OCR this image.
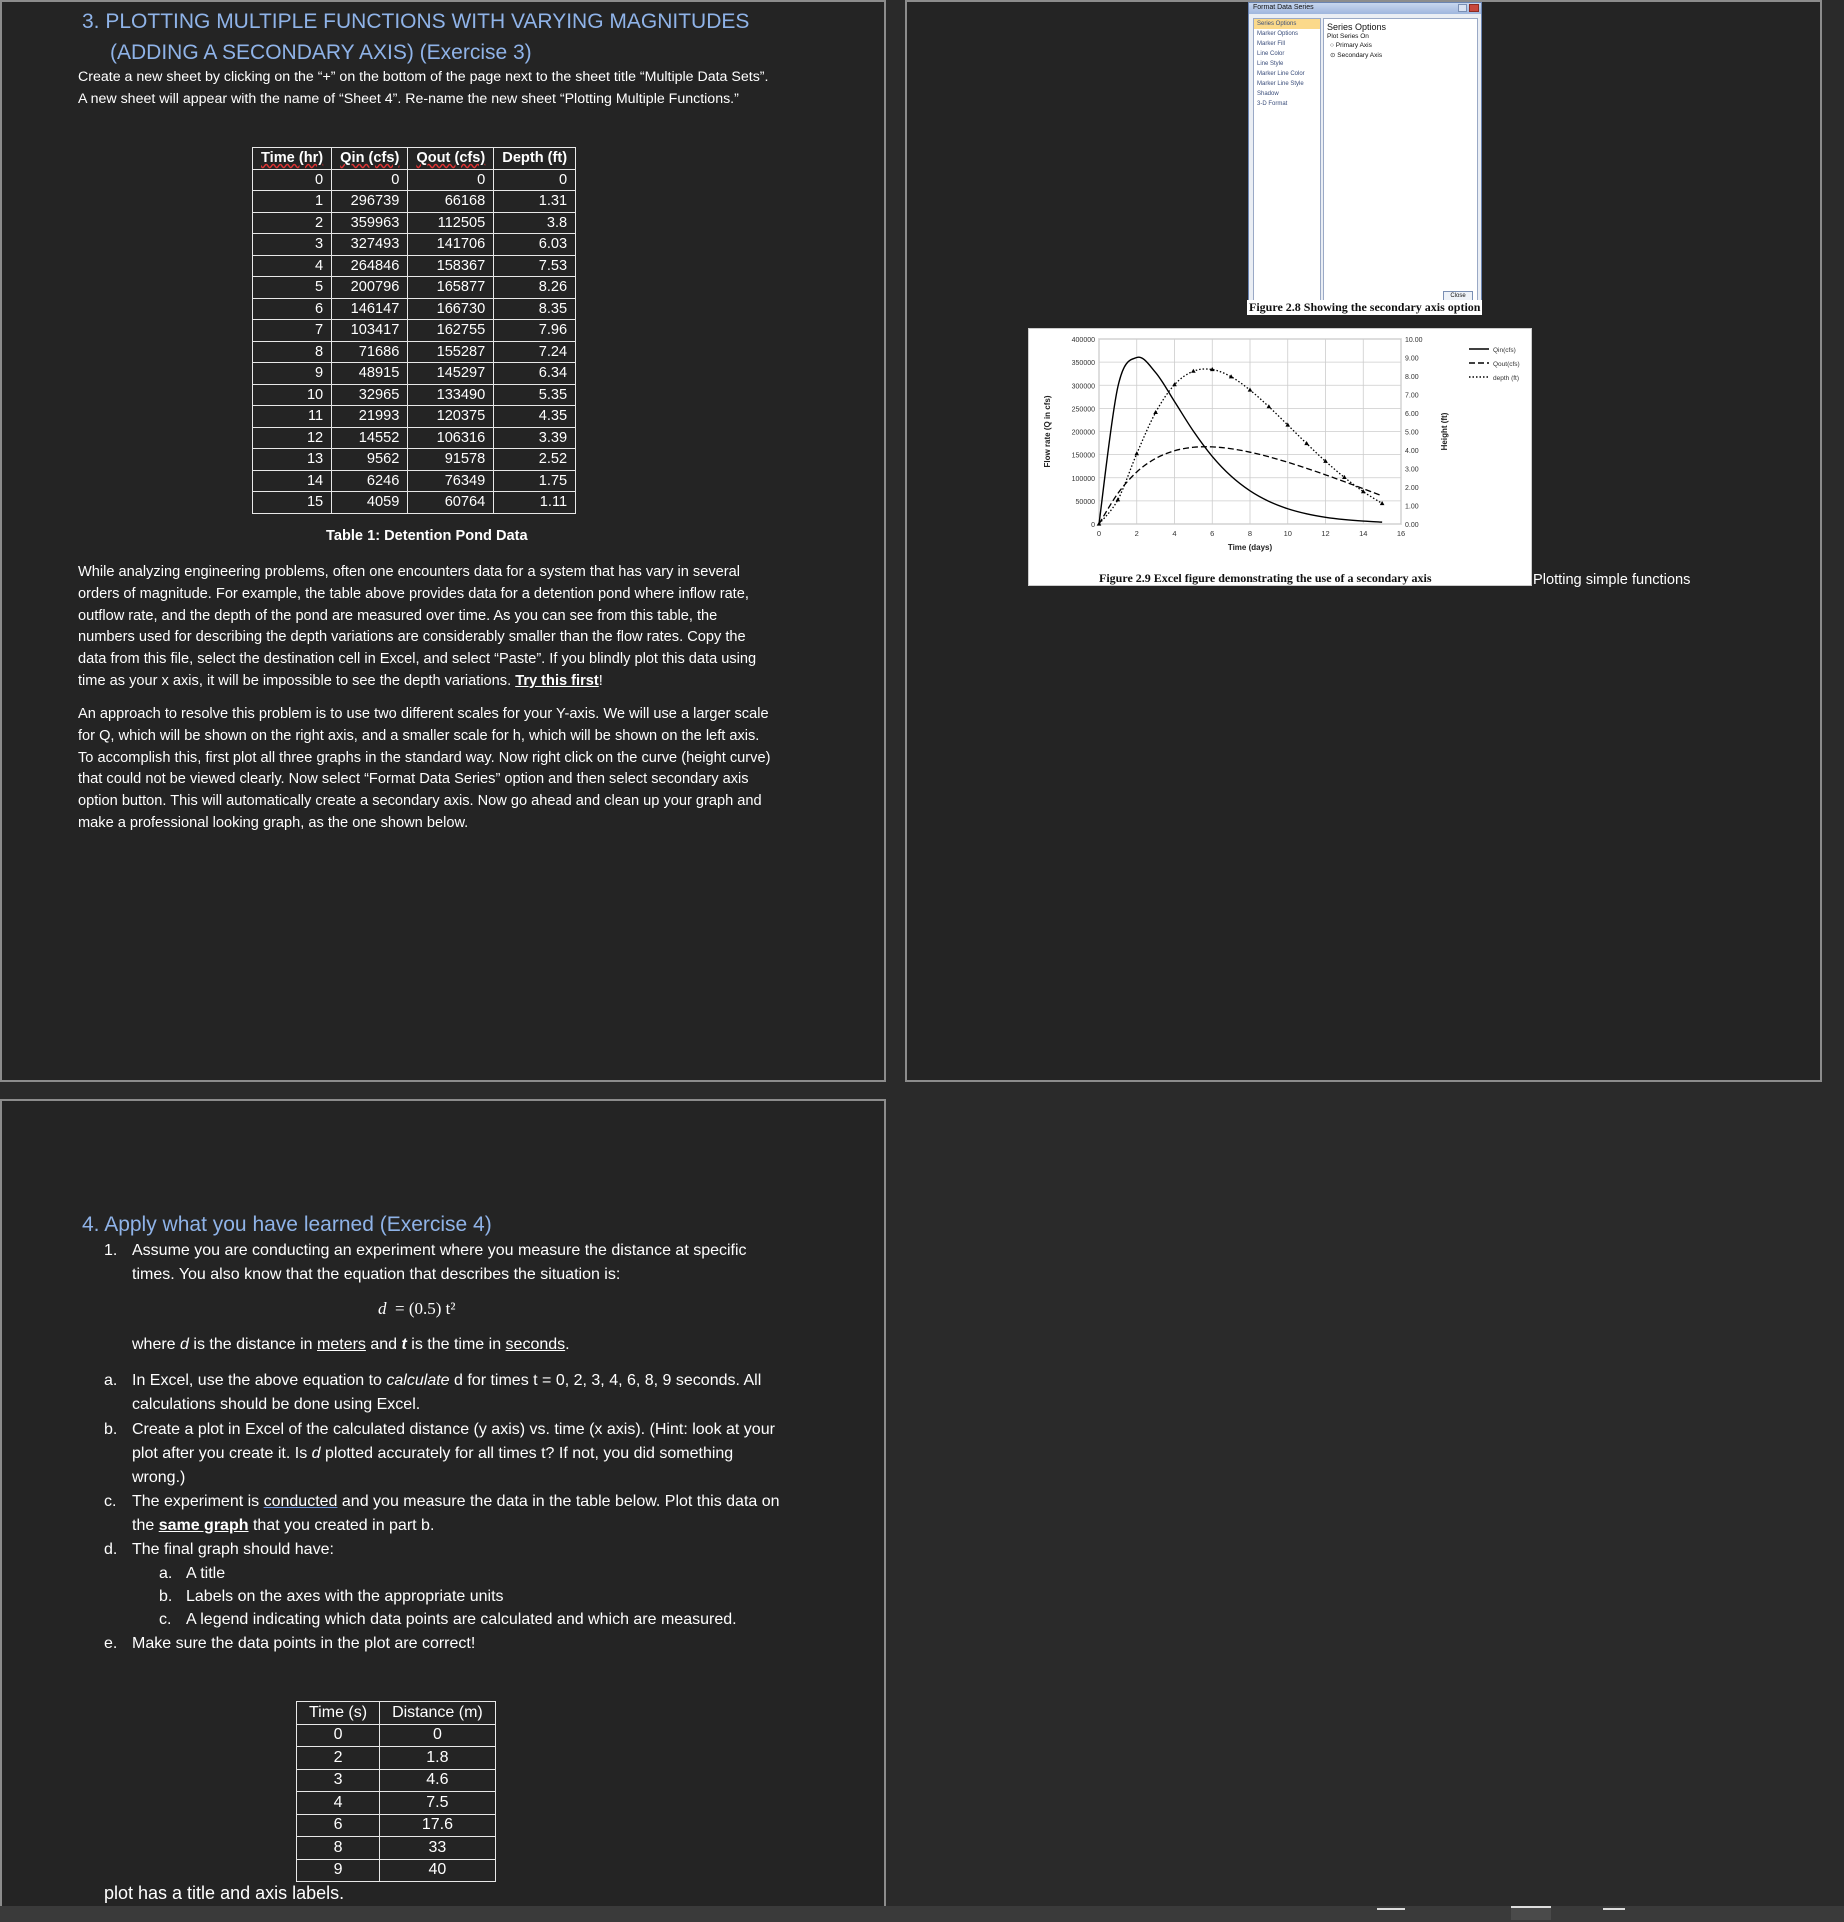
3. PLOTTING MULTIPLE FUNCTIONS WITH VARYING MAGNITUDES
(ADDING A SECONDARY AXIS) (Exercise 3)

Create a new sheet by clicking on the “+” on the bottom of the page next to the sheet title “Multiple Data Sets”. A new sheet will appear with the name of “Sheet 4”. Re-name the new sheet “Plotting Multiple Functions.”

Time (hr)	Qin (cfs)	Qout (cfs)	Depth (ft)
0	0	0	0
1	296739	66168	1.31
2	359963	112505	3.8
3	327493	141706	6.03
4	264846	158367	7.53
5	200796	165877	8.26
6	146147	166730	8.35
7	103417	162755	7.96
8	71686	155287	7.24
9	48915	145297	6.34
10	32965	133490	5.35
11	21993	120375	4.35
12	14552	106316	3.39
13	9562	91578	2.52
14	6246	76349	1.75
15	4059	60764	1.11
Table 1: Detention Pond Data

While analyzing engineering problems, often one encounters data for a system that has vary in several orders of magnitude. For example, the table above provides data for a detention pond where inflow rate, outflow rate, and the depth of the pond are measured over time. As you can see from this table, the numbers used for describing the depth variations are considerably smaller than the flow rates. Copy the data from this file, select the destination cell in Excel, and select “Paste”. If you blindly plot this data using time as your x axis, it will be impossible to see the depth variations. Try this first!

An approach to resolve this problem is to use two different scales for your Y-axis. We will use a larger scale for Q, which will be shown on the right axis, and a smaller scale for h, which will be shown on the left axis. To accomplish this, first plot all three graphs in the standard way. Now right click on the curve (height curve) that could not be viewed clearly. Now select “Format Data Series” option and then select secondary axis option button. This will automatically create a secondary axis. Now go ahead and clean up your graph and make a professional looking graph, as the one shown below.

Format Data Series
Series Options
Marker Options
Marker Fill
Line Color
Line Style
Marker Line Color
Marker Line Style
Shadow
3-D Format
Series Options
Plot Series On
○ Primary Axis
⊙ Secondary Axis
Close
Figure 2.8 Showing the secondary axis option
0	2	4	6	8	10	12	14	16
0
50000
100000
150000
200000
250000
300000
350000
400000
0.00
1.00
2.00
3.00
4.00
5.00
6.00
7.00
8.00
9.00
10.00
Time (days)
Flow rate (Q in cfs)	Height (ft)
Qin(cfs)
Qout(cfs)
depth (ft)
Figure 2.9 Excel figure demonstrating the use of a secondary axis	Plotting simple functions
4. Apply what you have learned (Exercise 4)
1. Assume you are conducting an experiment where you measure the distance at specific times. You also know that the equation that describes the situation is:
d = (0.5) t²
where d is the distance in meters and t is the time in seconds.
a. In Excel, use the above equation to calculate d for times t = 0, 2, 3, 4, 6, 8, 9 seconds. All calculations should be done using Excel.
b. Create a plot in Excel of the calculated distance (y axis) vs. time (x axis). (Hint: look at your plot after you create it. Is d plotted accurately for all times t? If not, you did something wrong.)
c. The experiment is conducted and you measure the data in the table below. Plot this data on the same graph that you created in part b.
d. The final graph should have:
a. A title
b. Labels on the axes with the appropriate units
c. A legend indicating which data points are calculated and which are measured.
e. Make sure the data points in the plot are correct!
plot has a title and axis labels.
Time (s)	Distance (m)
0	0
2	1.8
3	4.6
4	7.5
6	17.6
8	33
9	40
